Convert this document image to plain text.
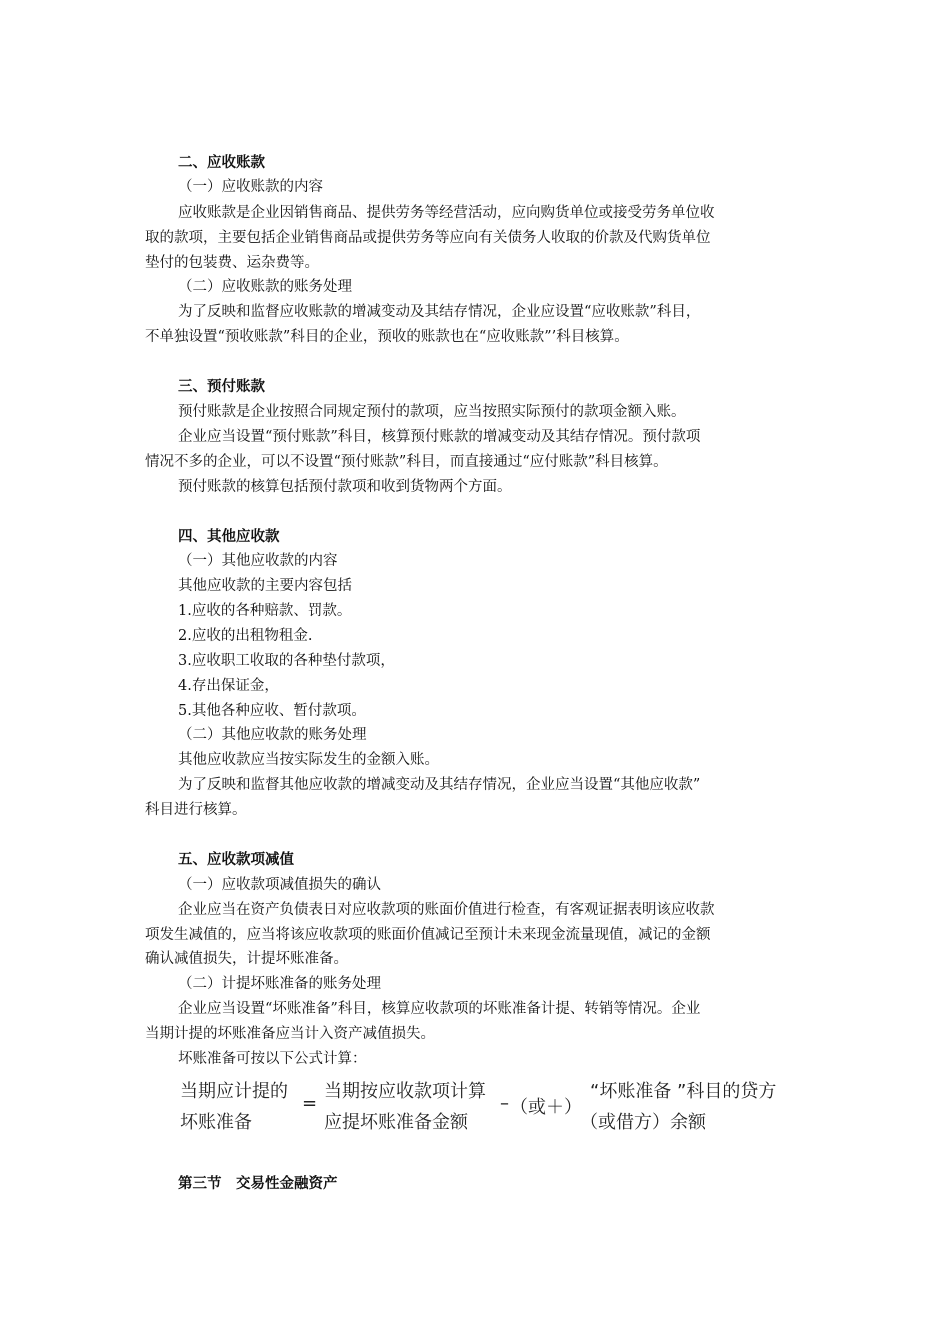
二、应收账款
（一）应收账款的内容
应收账款是企业因销售商品、提供劳务等经营活动，应向购货单位或接受劳务单位收
取的款项，主要包括企业销售商品或提供劳务等应向有关债务人收取的价款及代购货单位
垫付的包装费、运杂费等。
（二）应收账款的账务处理
为了反映和监督应收账款的增减变动及其结存情况，企业应设置“应收账款”科目，
不单独设置“预收账款”科目的企业，预收的账款也在“应收账款”’科目核算。
三、预付账款
预付账款是企业按照合同规定预付的款项，应当按照实际预付的款项金额入账。
企业应当设置“预付账款”科目，核算预付账款的增减变动及其结存情况。预付款项
情况不多的企业，可以不设置“预付账款”科目，而直接通过“应付账款”科目核算。
预付账款的核算包括预付款项和收到货物两个方面。
四、其他应收款
（一）其他应收款的内容
其他应收款的主要内容包括
1.应收的各种赔款、罚款。
2.应收的出租物租金.
3.应收职工收取的各种垫付款项，
4.存出保证金，
5.其他各种应收、暂付款项。
（二）其他应收款的账务处理
其他应收款应当按实际发生的金额入账。
为了反映和监督其他应收款的增减变动及其结存情况，企业应当设置“其他应收款”
科目进行核算。
五、应收款项减值
（一）应收款项减值损失的确认
企业应当在资产负债表日对应收款项的账面价值进行检查，有客观证据表明该应收款
项发生减值的，应当将该应收款项的账面价值减记至预计未来现金流量现值，减记的金额
确认减值损失，计提坏账准备。
（二）计提坏账准备的账务处理
企业应当设置“坏账准备”科目，核算应收款项的坏账准备计提、转销等情况。企业
当期计提的坏账准备应当计入资产减值损失。
坏账准备可按以下公式计算：
当期应计提的
坏账准备
=
当期按应收款项计算
应提坏账准备金额
– （或＋）
“坏账准备 ”科目的贷方
（或借方）余额
第三节　交易性金融资产
